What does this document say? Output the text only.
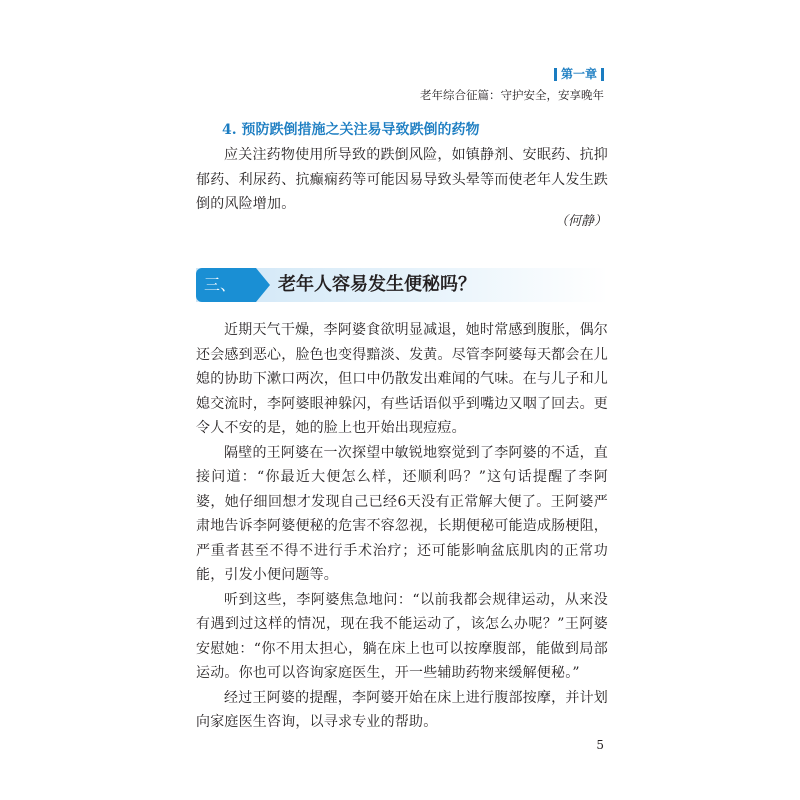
第一章
老年综合征篇：守护安全，安享晚年
4. 预防跌倒措施之关注易导致跌倒的药物

应关注药物使用所导致的跌倒风险，如镇静剂、安眠药、抗抑郁药、利尿药、抗癫痫药等可能因易导致头晕等而使老年人发生跌倒的风险增加。

（何静）
三、	老年人容易发生便秘吗？

近期天气干燥，李阿婆食欲明显减退，她时常感到腹胀，偶尔还会感到恶心，脸色也变得黯淡、发黄。尽管李阿婆每天都会在儿媳的协助下漱口两次，但口中仍散发出难闻的气味。在与儿子和儿媳交流时，李阿婆眼神躲闪，有些话语似乎到嘴边又咽了回去。更令人不安的是，她的脸上也开始出现痘痘。

隔壁的王阿婆在一次探望中敏锐地察觉到了李阿婆的不适，直接问道：“你最近大便怎么样，还顺利吗？”这句话提醒了李阿婆，她仔细回想才发现自己已经6天没有正常解大便了。王阿婆严肃地告诉李阿婆便秘的危害不容忽视，长期便秘可能造成肠梗阻，严重者甚至不得不进行手术治疗；还可能影响盆底肌肉的正常功能，引发小便问题等。

听到这些，李阿婆焦急地问：“以前我都会规律运动，从来没有遇到过这样的情况，现在我不能运动了，该怎么办呢？”王阿婆安慰她：“你不用太担心，躺在床上也可以按摩腹部，能做到局部运动。你也可以咨询家庭医生，开一些辅助药物来缓解便秘。”

经过王阿婆的提醒，李阿婆开始在床上进行腹部按摩，并计划向家庭医生咨询，以寻求专业的帮助。

5
